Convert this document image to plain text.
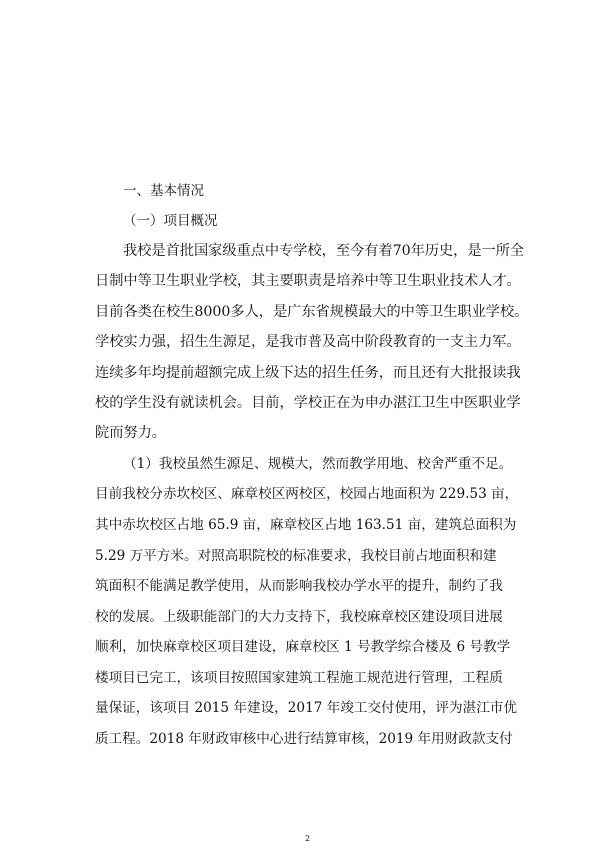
一、基本情况
（一）项目概况
我校是首批国家级重点中专学校，至今有着70年历史，是一所全
日制中等卫生职业学校，其主要职责是培养中等卫生职业技术人才。
目前各类在校生8000多人，是广东省规模最大的中等卫生职业学校。
学校实力强，招生生源足，是我市普及高中阶段教育的一支主力军。
连续多年均提前超额完成上级下达的招生任务，而且还有大批报读我
校的学生没有就读机会。目前，学校正在为申办湛江卫生中医职业学
院而努力。
（1）我校虽然生源足、规模大，然而教学用地、校舍严重不足。
目前我校分赤坎校区、麻章校区两校区，校园占地面积为 229.53 亩，
其中赤坎校区占地 65.9 亩，麻章校区占地 163.51 亩，建筑总面积为
5.29 万平方米。对照高职院校的标准要求，我校目前占地面积和建
筑面积不能满足教学使用，从而影响我校办学水平的提升，制约了我
校的发展。上级职能部门的大力支持下，我校麻章校区建设项目进展
顺利，加快麻章校区项目建设，麻章校区 1 号教学综合楼及 6 号教学
楼项目已完工，该项目按照国家建筑工程施工规范进行管理，工程质
量保证，该项目 2015 年建设，2017 年竣工交付使用，评为湛江市优
质工程。2018 年财政审核中心进行结算审核，2019 年用财政款支付
2
